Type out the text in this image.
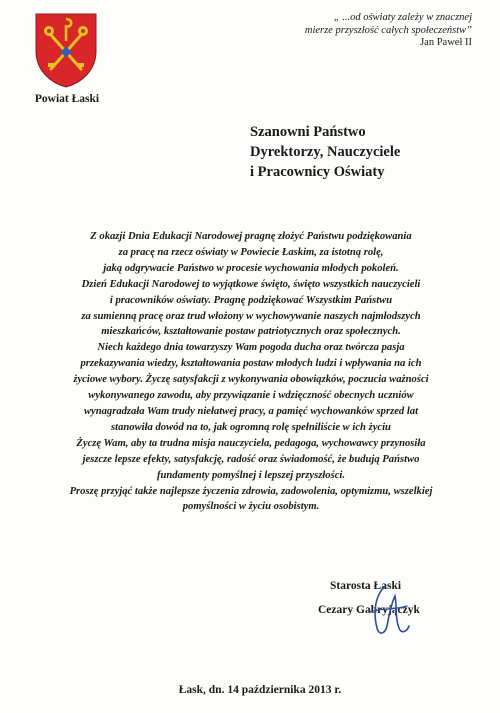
Powiat Łaski
„ ...od oświaty zależy w znacznej
mierze przyszłość całych społeczeństw”
Jan Paweł II
Szanowni Państwo
Dyrektorzy, Nauczyciele
i Pracownicy Oświaty
Z okazji Dnia Edukacji Narodowej pragnę złożyć Państwu podziękowania
za pracę na rzecz oświaty w Powiecie Łaskim, za istotną rolę,
jaką odgrywacie Państwo w procesie wychowania młodych pokoleń.
Dzień Edukacji Narodowej to wyjątkowe święto, święto wszystkich nauczycieli
i pracowników oświaty. Pragnę podziękować Wszystkim Państwu
za sumienną pracę oraz trud włożony w wychowywanie naszych najmłodszych
mieszkańców, kształtowanie postaw patriotycznych oraz społecznych.
Niech każdego dnia towarzyszy Wam pogoda ducha oraz twórcza pasja
przekazywania wiedzy, kształtowania postaw młodych ludzi i wpływania na ich
życiowe wybory. Życzę satysfakcji z wykonywania obowiązków, poczucia ważności
wykonywanego zawodu, aby przywiązanie i wdzięczność obecnych uczniów
wynagradzała Wam trudy niełatwej pracy, a pamięć wychowanków sprzed lat
stanowiła dowód na to, jak ogromną rolę spełniliście w ich życiu
Życzę Wam, aby ta trudna misja nauczyciela, pedagoga, wychowawcy przynosiła
jeszcze lepsze efekty, satysfakcję, radość oraz świadomość, że budują Państwo
fundamenty pomyślnej i lepszej przyszłości.
Proszę przyjąć także najlepsze życzenia zdrowia, zadowolenia, optymizmu, wszelkiej
pomyślności w życiu osobistym.
Starosta Łaski
Cezary Gabryjączyk
Łask, dn. 14 października 2013 r.
